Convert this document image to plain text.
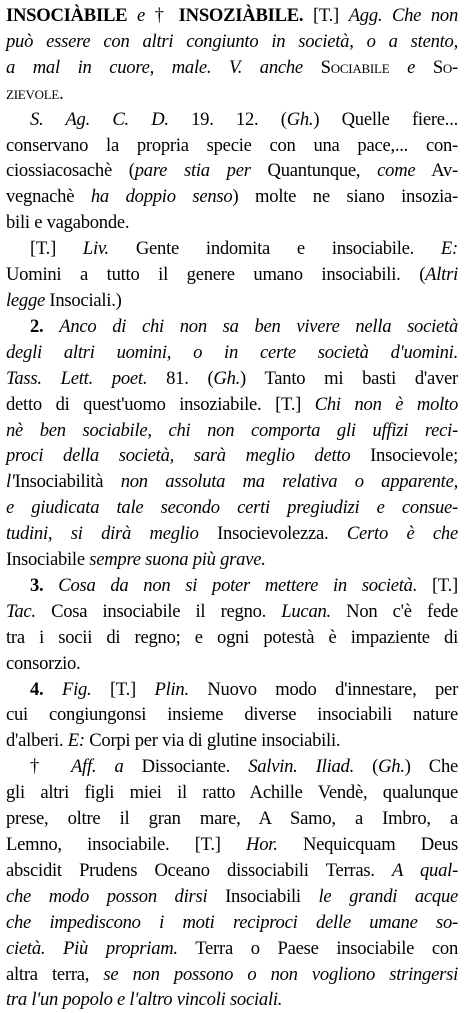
INSOCIÀBILE e † INSOZIÀBILE. [T.] Agg. Che non
può essere con altri congiunto in società, o a stento,
a mal in cuore, male. V. anche Sociabile e So-
zievole.
S. Ag. C. D. 19. 12. (Gh.) Quelle fiere...
conservano la propria specie con una pace,... con-
ciossiacosachè (pare stia per Quantunque, come Av-
vegnachè ha doppio senso) molte ne siano insozia-
bili e vagabonde.
[T.] Liv. Gente indomita e insociabile. E:
Uomini a tutto il genere umano insociabili. (Altri
legge Insociali.)
2. Anco di chi non sa ben vivere nella società
degli altri uomini, o in certe società d'uomini.
Tass. Lett. poet. 81. (Gh.) Tanto mi basti d'aver
detto di quest'uomo insoziabile. [T.] Chi non è molto
nè ben sociabile, chi non comporta gli uffizi reci-
proci della società, sarà meglio detto Insocievole;
l'Insociabilità non assoluta ma relativa o apparente,
e giudicata tale secondo certi pregiudizi e consue-
tudini, si dirà meglio Insocievolezza. Certo è che
Insociabile sempre suona più grave.
3. Cosa da non si poter mettere in società. [T.]
Tac. Cosa insociabile il regno. Lucan. Non c'è fede
tra i socii di regno; e ogni potestà è impaziente di
consorzio.
4. Fig. [T.] Plin. Nuovo modo d'innestare, per
cui congiungonsi insieme diverse insociabili nature
d'alberi. E: Corpi per via di glutine insociabili.
† Aff. a Dissociante. Salvin. Iliad. (Gh.) Che
gli altri figli miei il ratto Achille Vendè, qualunque
prese, oltre il gran mare, A Samo, a Imbro, a
Lemno, insociabile. [T.] Hor. Nequicquam Deus
abscidit Prudens Oceano dissociabili Terras. A qual-
che modo posson dirsi Insociabili le grandi acque
che impediscono i moti reciproci delle umane so-
cietà. Più propriam. Terra o Paese insociabile con
altra terra, se non possono o non vogliono stringersi
tra l'un popolo e l'altro vincoli sociali.
